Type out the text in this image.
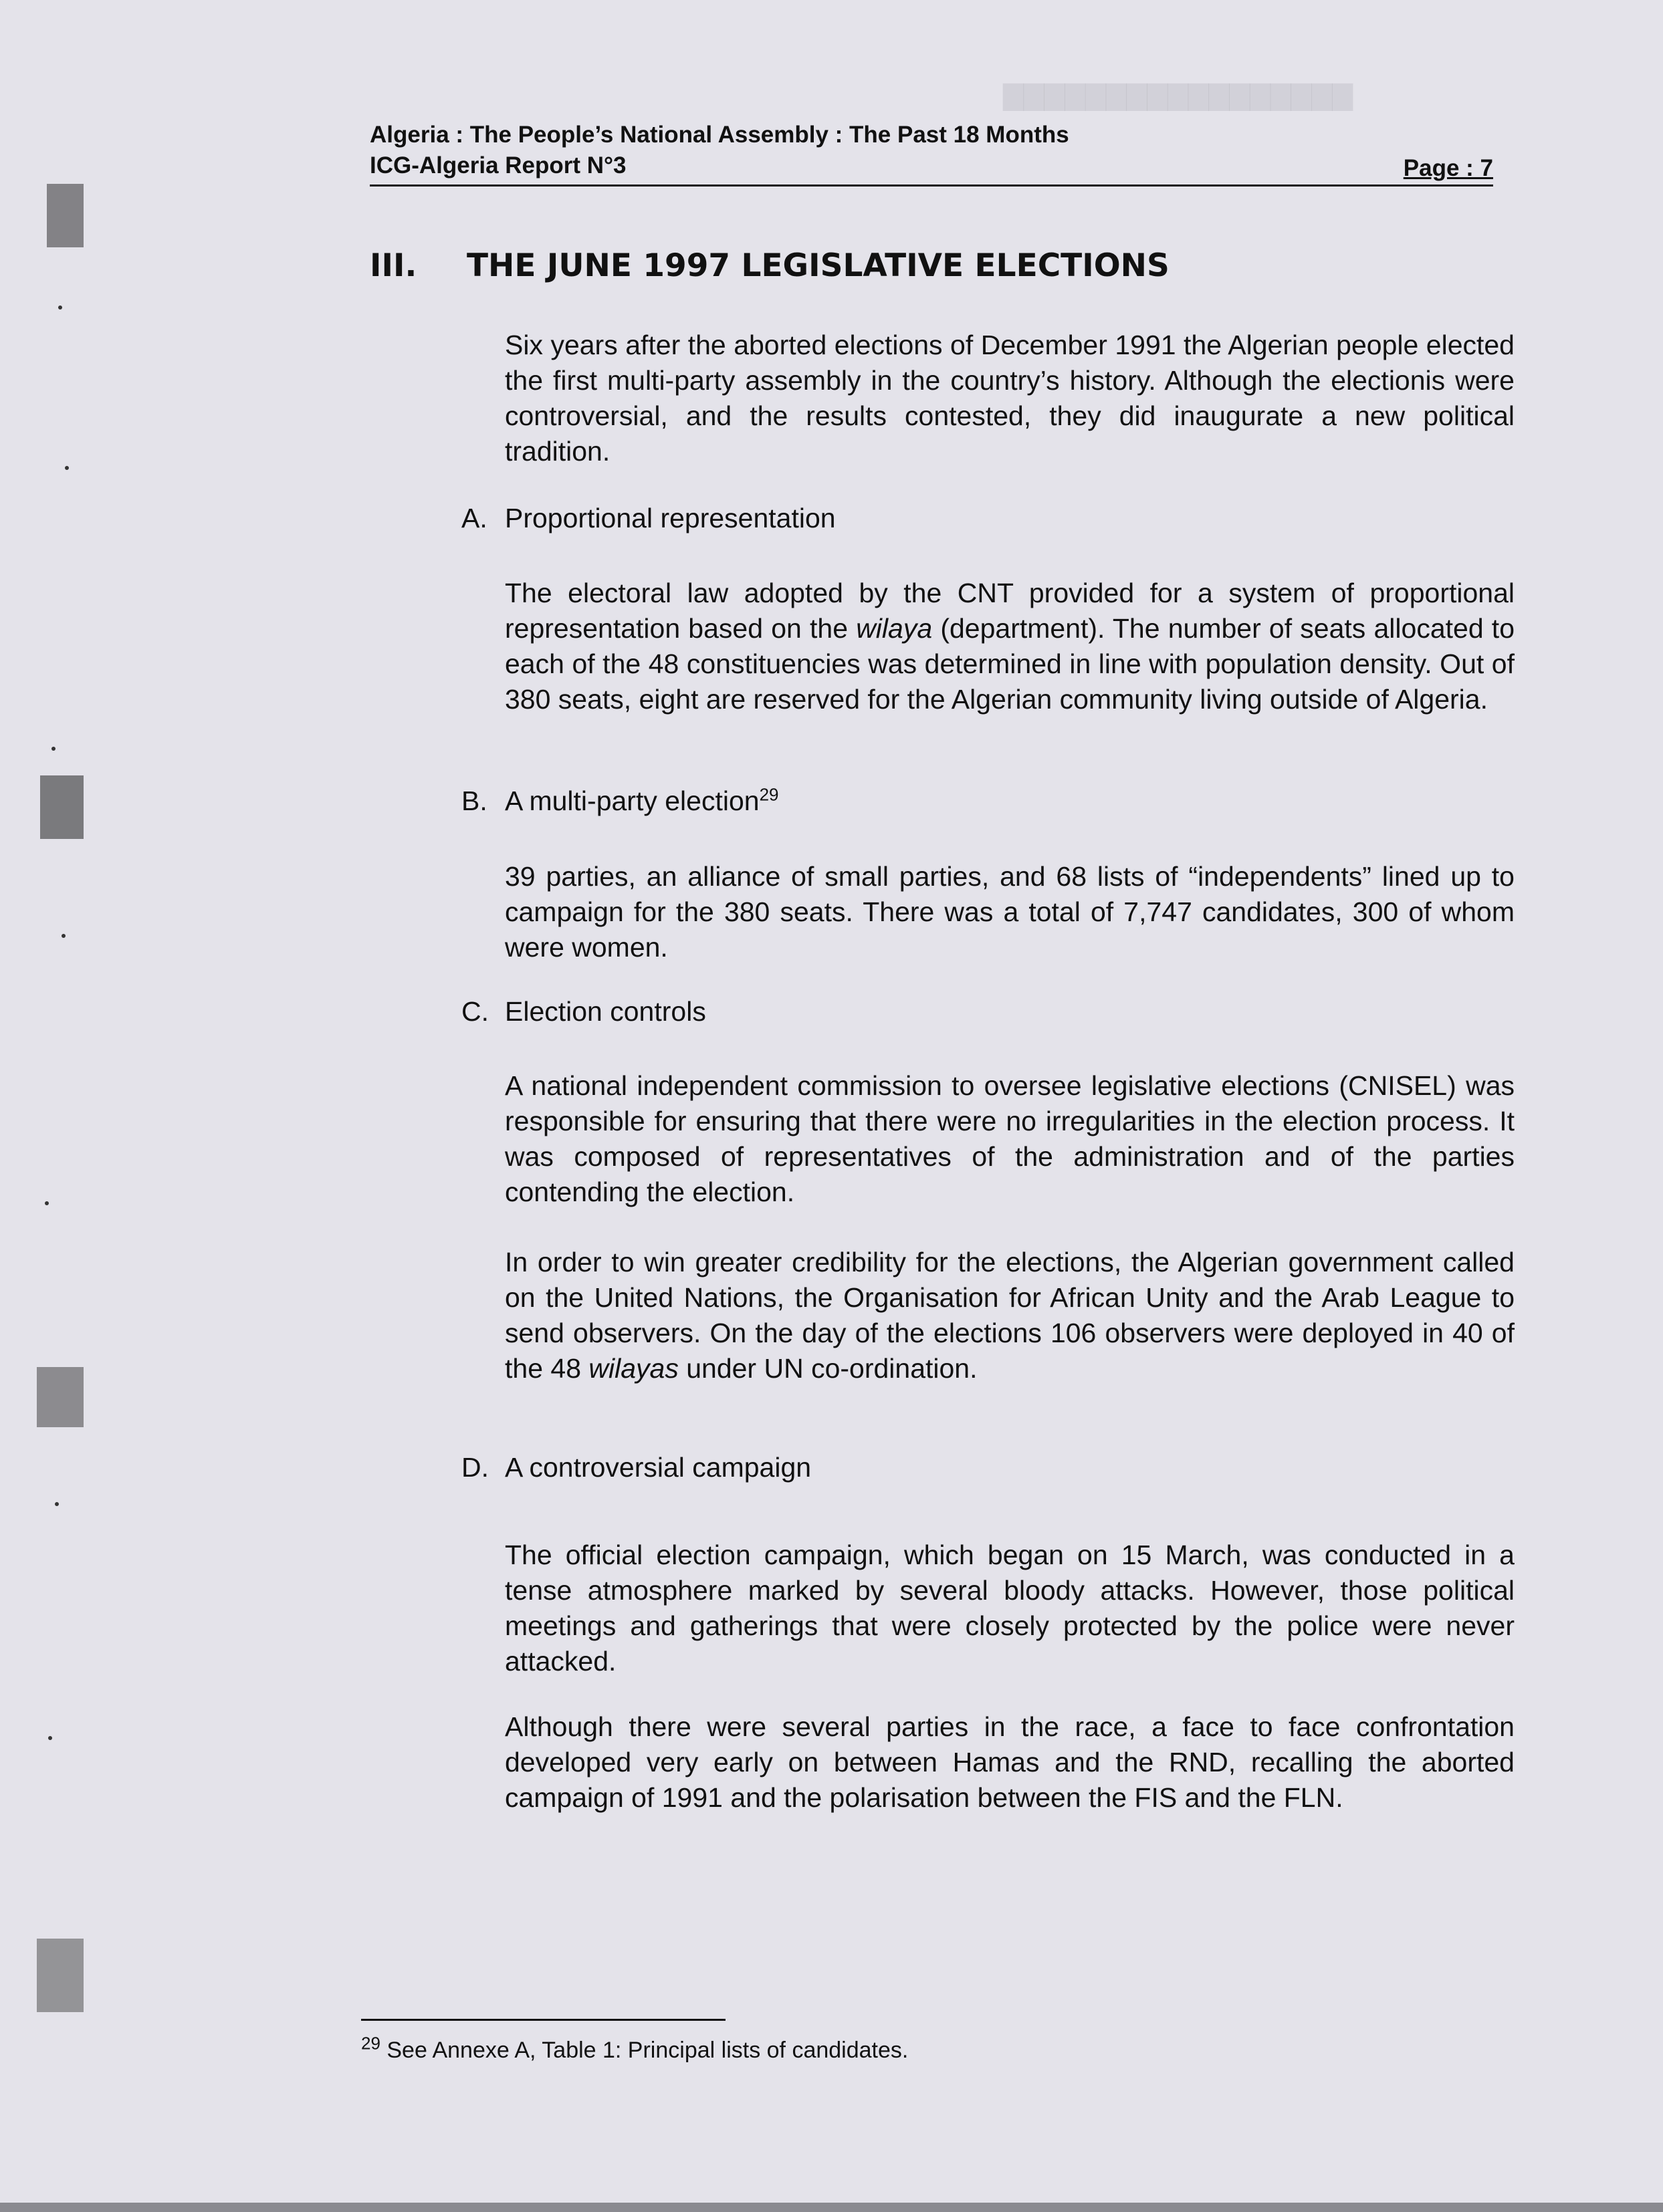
▇▇▇▇▇▇▇▇▇▇▇▇▇▇▇▇▇
Algeria : The People’s National Assembly : The Past 18 Months
ICG-Algeria Report N°3	Page : 7
III. THE JUNE 1997 LEGISLATIVE ELECTIONS
Six years after the aborted elections of December 1991 the Algerian people elected the first multi-party assembly in the country’s history. Although the electionis were controversial, and the results contested, they did inaugurate a new political tradition.
A. Proportional representation
The electoral law adopted by the CNT provided for a system of proportional representation based on the wilaya (department). The number of seats allocated to each of the 48 constituencies was determined in line with population density. Out of 380 seats, eight are reserved for the Algerian community living outside of Algeria.
B. A multi-party election$^{29}$
39 parties, an alliance of small parties, and 68 lists of “independents” lined up to campaign for the 380 seats. There was a total of 7,747 candidates, 300 of whom were women.
C. Election controls
A national independent commission to oversee legislative elections (CNISEL) was responsible for ensuring that there were no irregularities in the election process. It was composed of representatives of the administration and of the parties contending the election.
In order to win greater credibility for the elections, the Algerian government called on the United Nations, the Organisation for African Unity and the Arab League to send observers. On the day of the elections 106 observers were deployed in 40 of the 48 wilayas under UN co-ordination.
D. A controversial campaign
The official election campaign, which began on 15 March, was conducted in a tense atmosphere marked by several bloody attacks. However, those political meetings and gatherings that were closely protected by the police were never attacked.
Although there were several parties in the race, a face to face confrontation developed very early on between Hamas and the RND, recalling the aborted campaign of 1991 and the polarisation between the FIS and the FLN.
$^{29}$ See Annexe A, Table 1: Principal lists of candidates.
